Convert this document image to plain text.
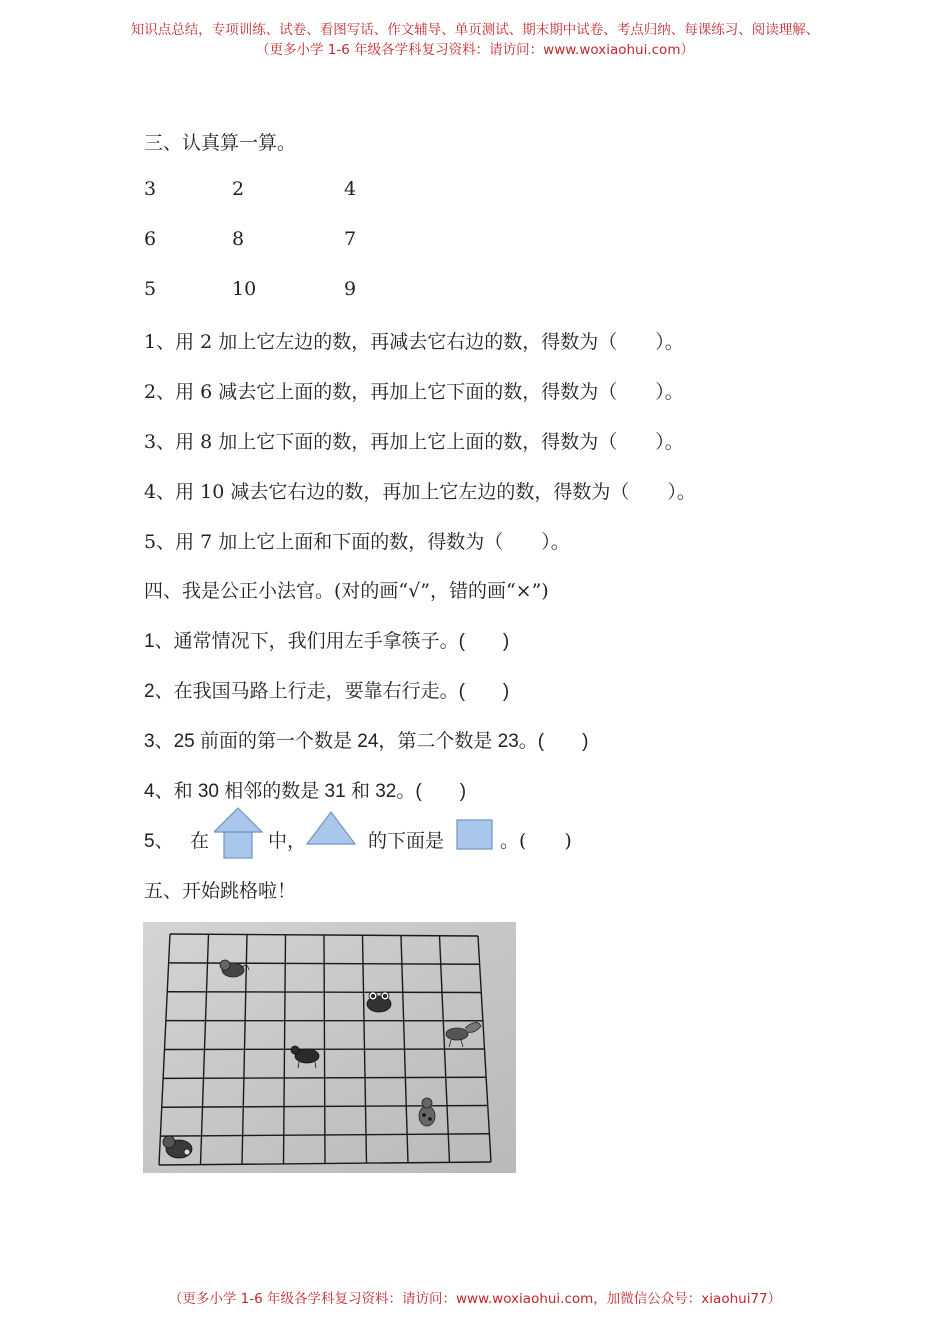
知识点总结，专项训练、试卷、看图写话、作文辅导、单页测试、期末期中试卷、考点归纳、每课练习、阅读理解、
（更多小学 1-6 年级各学科复习资料：请访问：www.woxiaohui.com）
三、认真算一算。
3	2	4
6	8	7
5	10	9
1、用 2 加上它左边的数，再减去它右边的数，得数为（　　）。
2、用 6 减去它上面的数，再加上它下面的数，得数为（　　）。
3、用 8 加上它下面的数，再加上它上面的数，得数为（　　）。
4、用 10 减去它右边的数，再加上它左边的数，得数为（　　）。
5、用 7 加上它上面和下面的数，得数为（　　）。
四、我是公正小法官。(对的画“√”，错的画“×”)
1、通常情况下，我们用左手拿筷子。(　　)
2、在我国马路上行走，要靠右行走。(　　)
3、25 前面的第一个数是 24，第二个数是 23。(　　)
4、和 30 相邻的数是 31 和 32。(　　)
5、 在	中，	的下面是	。(　　)
五、开始跳格啦！
（更多小学 1-6 年级各学科复习资料：请访问：www.woxiaohui.com，加微信公众号：xiaohui77）
